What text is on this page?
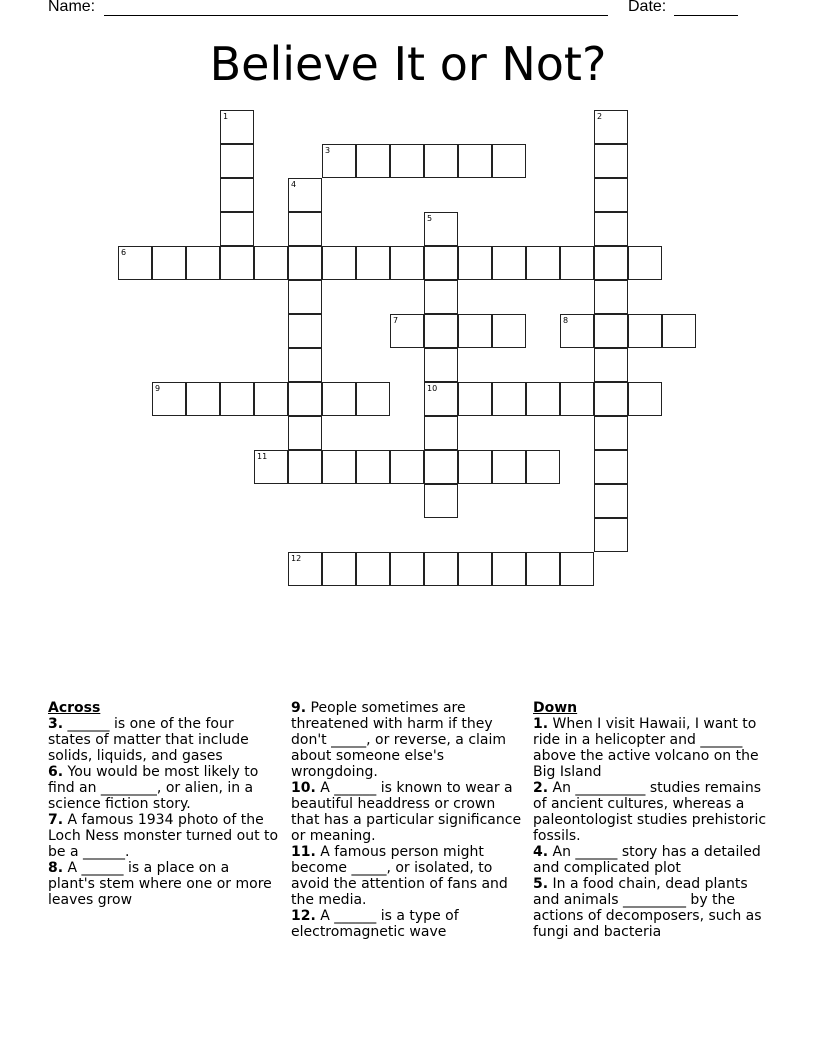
Name:	Date:
Believe It or Not?
3
6
7	8
9	10
11
12
1	2
4
5
Across
3. ______ is one of the four states of matter that include solids, liquids, and gases
6. You would be most likely to find an ________, or alien, in a science fiction story.
7. A famous 1934 photo of the Loch Ness monster turned out to be a ______.
8. A ______ is a place on a plant's stem where one or more leaves grow
9. People sometimes are threatened with harm if they don't _____, or reverse, a claim about someone else's wrongdoing.
10. A ______ is known to wear a beautiful headdress or crown that has a particular significance or meaning.
11. A famous person might become _____, or isolated, to avoid the attention of fans and the media.
12. A ______ is a type of electromagnetic wave
Down
1. When I visit Hawaii, I want to ride in a helicopter and ______ above the active volcano on the Big Island
2. An __________ studies remains of ancient cultures, whereas a paleontologist studies prehistoric fossils.
4. An ______ story has a detailed and complicated plot
5. In a food chain, dead plants and animals _________ by the actions of decomposers, such as fungi and bacteria
